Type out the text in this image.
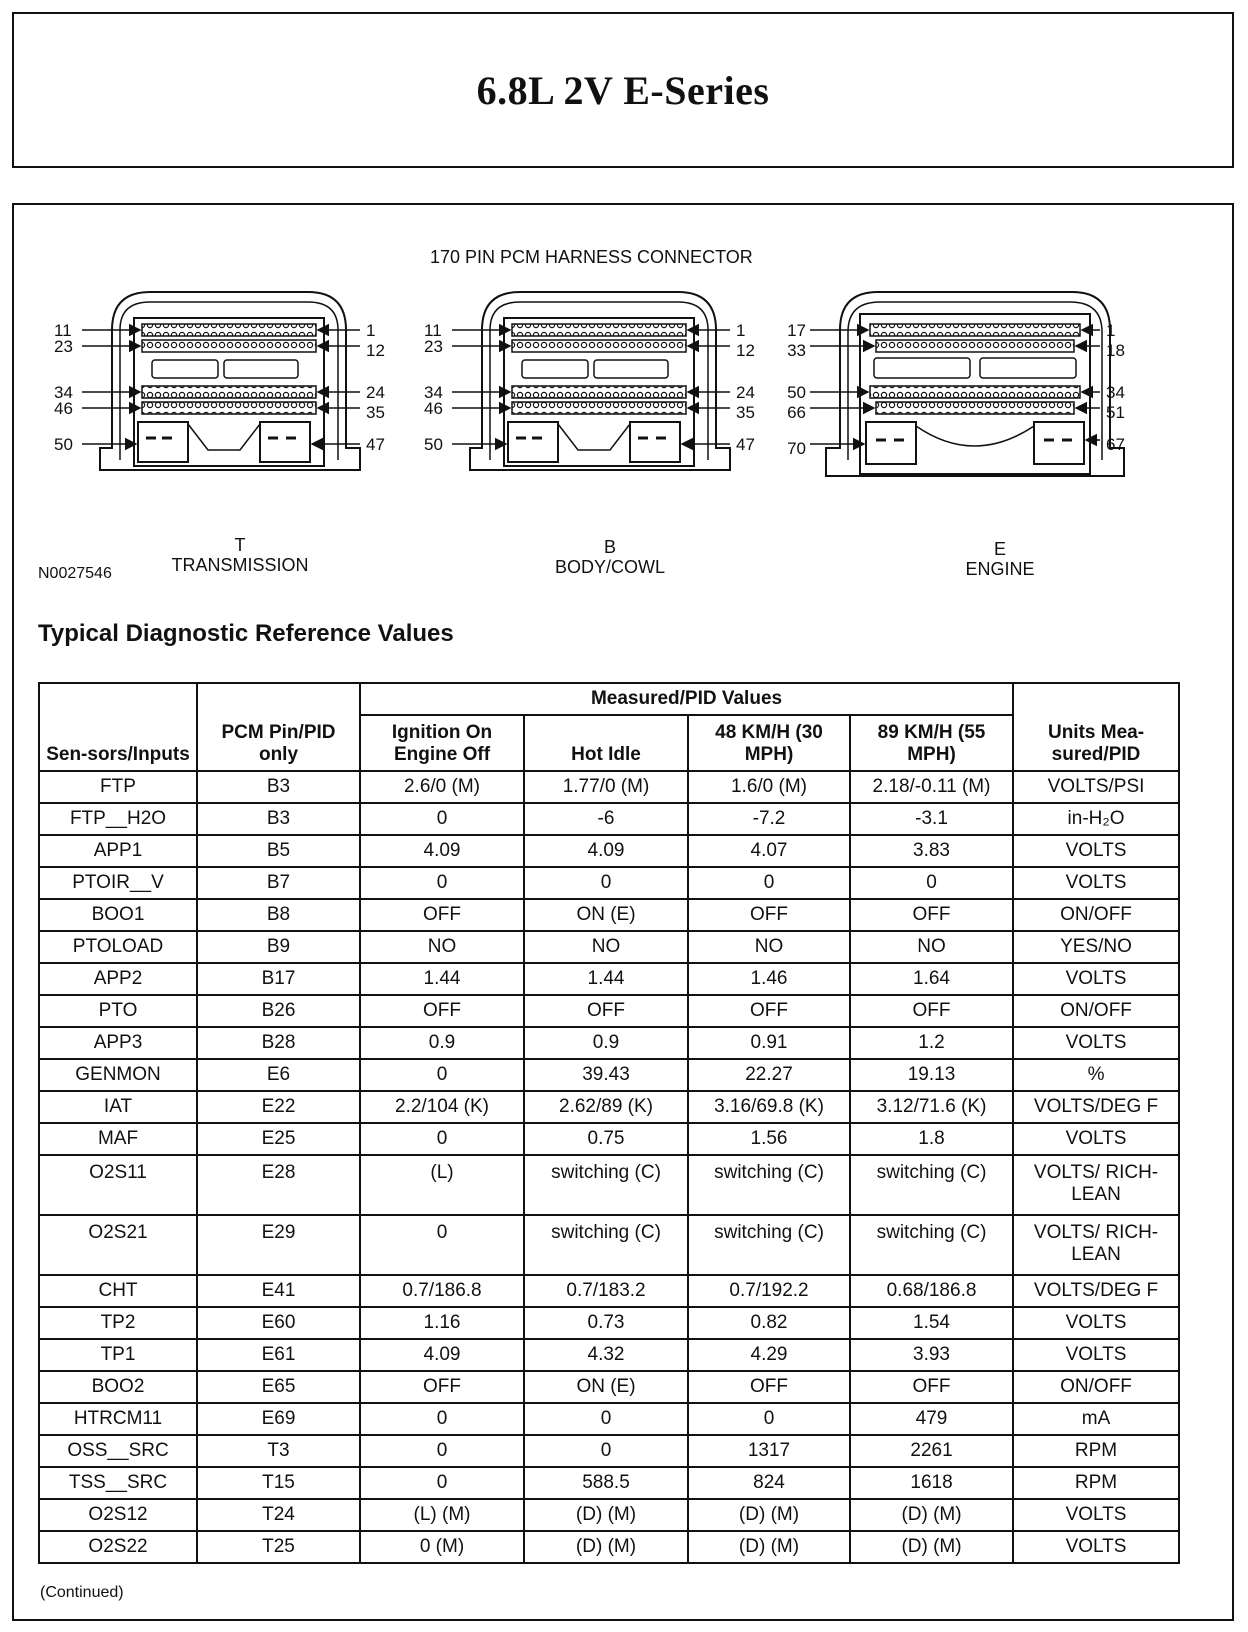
6.8L 2V E-Series
170 PIN PCM HARNESS CONNECTOR
11
23
34
46
50
1
12
24
35
47
11
23
34
46
50
1
12
24
35
47
17
33
50
66
70
1
18
34
51
67
T
TRANSMISSION
B
BODY/COWL
E
ENGINE
N0027546
Typical Diagnostic Reference Values
Sen-sors/Inputs	PCM Pin/PID only	Measured/PID Values				Units Mea-sured/PID
		Ignition On Engine Off	Hot Idle	48 KM/H (30 MPH)	89 KM/H (55 MPH)	
FTP	B3	2.6/0 (M)	1.77/0 (M)	1.6/0 (M)	2.18/-0.11 (M)	VOLTS/PSI
FTP__H2O	B3	0	-6	-7.2	-3.1	in-H₂O
APP1	B5	4.09	4.09	4.07	3.83	VOLTS
PTOIR__V	B7	0	0	0	0	VOLTS
BOO1	B8	OFF	ON (E)	OFF	OFF	ON/OFF
PTOLOAD	B9	NO	NO	NO	NO	YES/NO
APP2	B17	1.44	1.44	1.46	1.64	VOLTS
PTO	B26	OFF	OFF	OFF	OFF	ON/OFF
APP3	B28	0.9	0.9	0.91	1.2	VOLTS
GENMON	E6	0	39.43	22.27	19.13	%
IAT	E22	2.2/104 (K)	2.62/89 (K)	3.16/69.8 (K)	3.12/71.6 (K)	VOLTS/DEG F
MAF	E25	0	0.75	1.56	1.8	VOLTS
O2S11	E28	(L)	switching (C)	switching (C)	switching (C)	VOLTS/ RICH-LEAN
O2S21	E29	0	switching (C)	switching (C)	switching (C)	VOLTS/ RICH-LEAN
CHT	E41	0.7/186.8	0.7/183.2	0.7/192.2	0.68/186.8	VOLTS/DEG F
TP2	E60	1.16	0.73	0.82	1.54	VOLTS
TP1	E61	4.09	4.32	4.29	3.93	VOLTS
BOO2	E65	OFF	ON (E)	OFF	OFF	ON/OFF
HTRCM11	E69	0	0	0	479	mA
OSS__SRC	T3	0	0	1317	2261	RPM
TSS__SRC	T15	0	588.5	824	1618	RPM
O2S12	T24	(L) (M)	(D) (M)	(D) (M)	(D) (M)	VOLTS
O2S22	T25	0 (M)	(D) (M)	(D) (M)	(D) (M)	VOLTS
(Continued)
